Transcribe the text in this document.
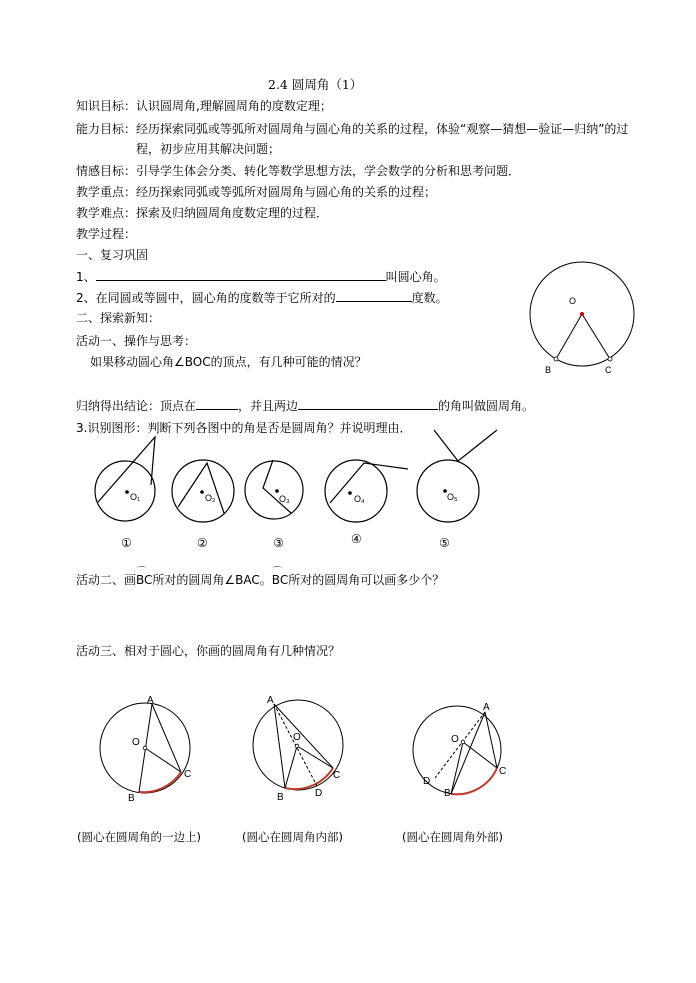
2.4 圆周角（1）
知识目标：认识圆周角,理解圆周角的度数定理；
能力目标：经历探索同弧或等弧所对圆周角与圆心角的关系的过程，体验“观察—猜想—验证—归纳”的过
程，初步应用其解决问题；
情感目标：引导学生体会分类、转化等数学思想方法，学会数学的分析和思考问题．
教学重点：经历探索同弧或等弧所对圆周角与圆心角的关系的过程；
教学难点：探索及归纳圆周角度数定理的过程．
教学过程：
一、复习巩固
1、	叫圆心角。
2、在同圆或等圆中，圆心角的度数等于它所对的	度数。
二、探索新知：
活动一、操作与思考：
如果移动圆心角∠BOC的顶点，有几种可能的情况？
归纳得出结论：顶点在	，并且两边	的角叫做圆周角。
3.识别图形：判断下列各图中的角是否是圆周角？并说明理由．
活动二、画⌒ BC所对的圆周角∠BAC。⌒ BC所对的圆周角可以画多少个？
活动三、相对于圆心，你画的圆周角有几种情况？
O
B	C
O₁	O₂	O₃	O₄	O₅
①	②	③	④	⑤
A
O
B
C
A
O
B
C
D
A
O
B
C
D
(圆心在圆周角的一边上)	(圆心在圆周角内部)	(圆心在圆周角外部)
